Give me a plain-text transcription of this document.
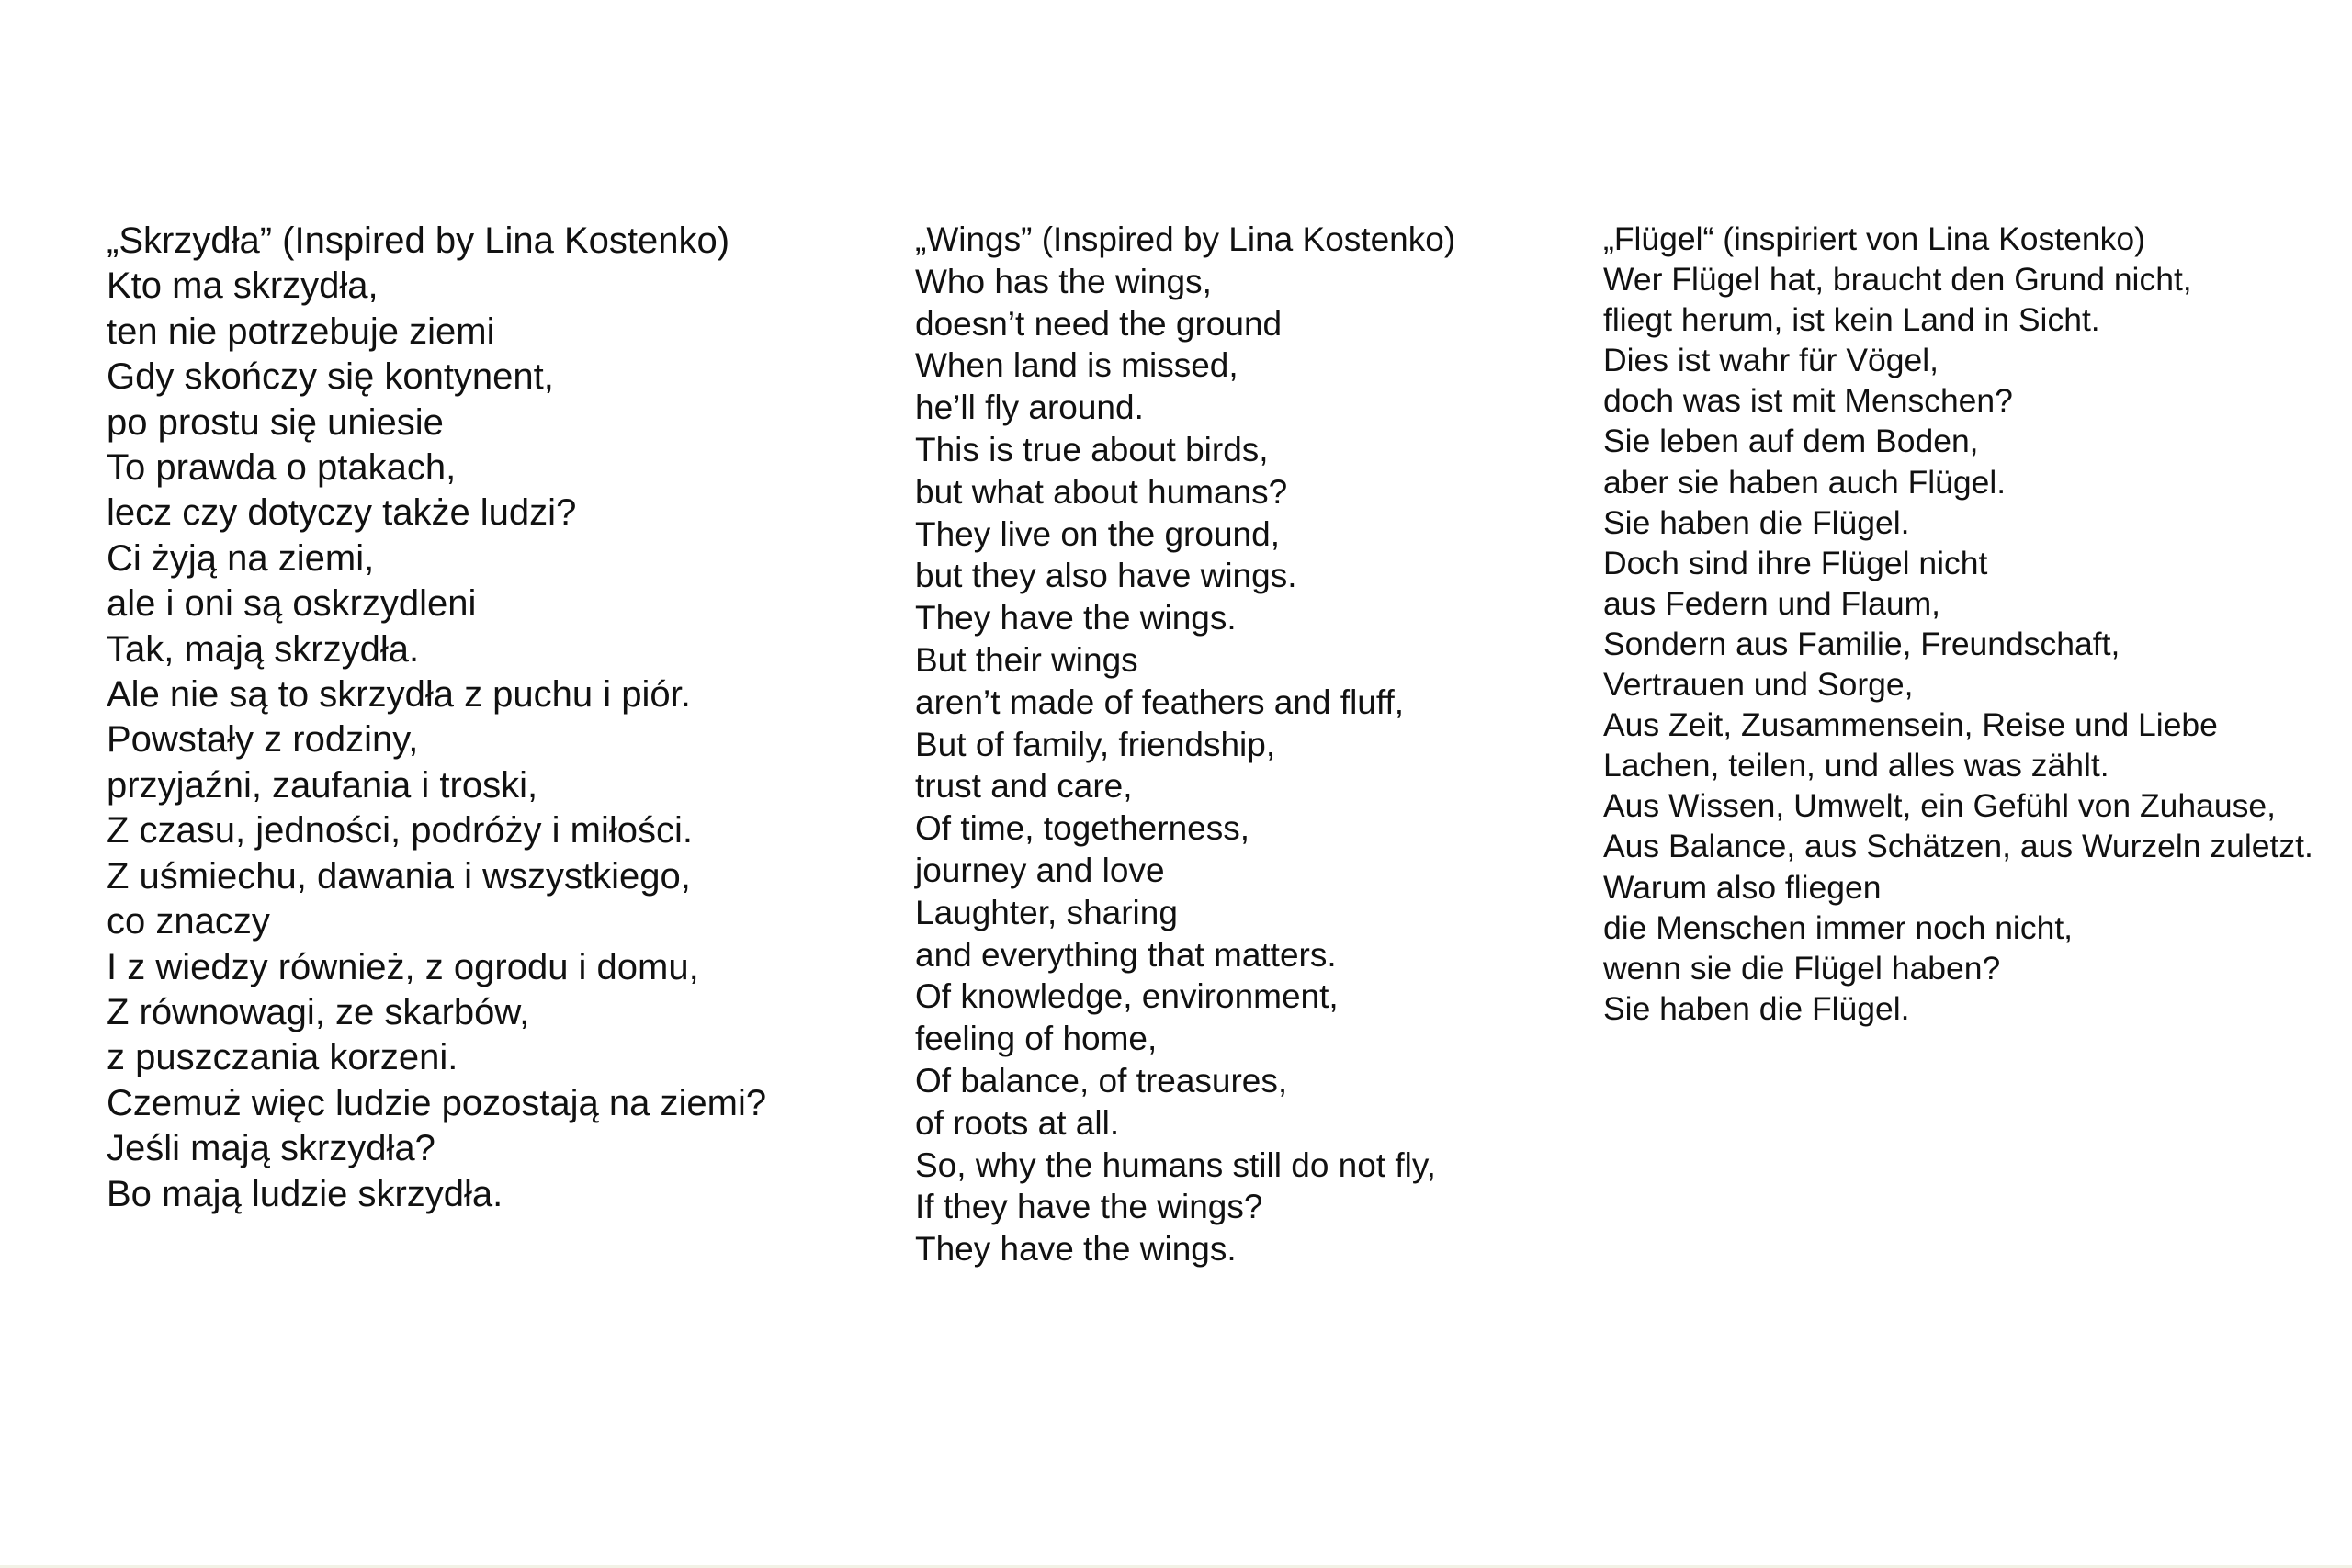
„Skrzydła” (Inspired by Lina Kostenko)
Kto ma skrzydła,
ten nie potrzebuje ziemi
Gdy skończy się kontynent,
po prostu się uniesie
To prawda o ptakach,
lecz czy dotyczy także ludzi?
Ci żyją na ziemi,
ale i oni są oskrzydleni
Tak, mają skrzydła.
Ale nie są to skrzydła z puchu i piór.
Powstały z rodziny,
przyjaźni, zaufania i troski,
Z czasu, jedności, podróży i miłości.
Z uśmiechu, dawania i wszystkiego,
co znaczy
I z wiedzy również, z ogrodu i domu,
Z równowagi, ze skarbów,
z puszczania korzeni.
Czemuż więc ludzie pozostają na ziemi?
Jeśli mają skrzydła?
Bo mają ludzie skrzydła.
„Wings” (Inspired by Lina Kostenko)
Who has the wings,
doesn’t need the ground
When land is missed,
he’ll fly around.
This is true about birds,
but what about humans?
They live on the ground,
but they also have wings.
They have the wings.
But their wings
aren’t made of feathers and fluff,
But of family, friendship,
trust and care,
Of time, togetherness,
journey and love
Laughter, sharing
and everything that matters.
Of knowledge, environment,
feeling of home,
Of balance, of treasures,
of roots at all.
So, why the humans still do not fly,
If they have the wings?
They have the wings.
„Flügel“ (inspiriert von Lina Kostenko)
Wer Flügel hat, braucht den Grund nicht,
fliegt herum, ist kein Land in Sicht.
Dies ist wahr für Vögel,
doch was ist mit Menschen?
Sie leben auf dem Boden,
aber sie haben auch Flügel.
Sie haben die Flügel.
Doch sind ihre Flügel nicht
aus Federn und Flaum,
Sondern aus Familie, Freundschaft,
Vertrauen und Sorge,
Aus Zeit, Zusammensein, Reise und Liebe
Lachen, teilen, und alles was zählt.
Aus Wissen, Umwelt, ein Gefühl von Zuhause,
Aus Balance, aus Schätzen, aus Wurzeln zuletzt.
Warum also fliegen
die Menschen immer noch nicht,
wenn sie die Flügel haben?
Sie haben die Flügel.
